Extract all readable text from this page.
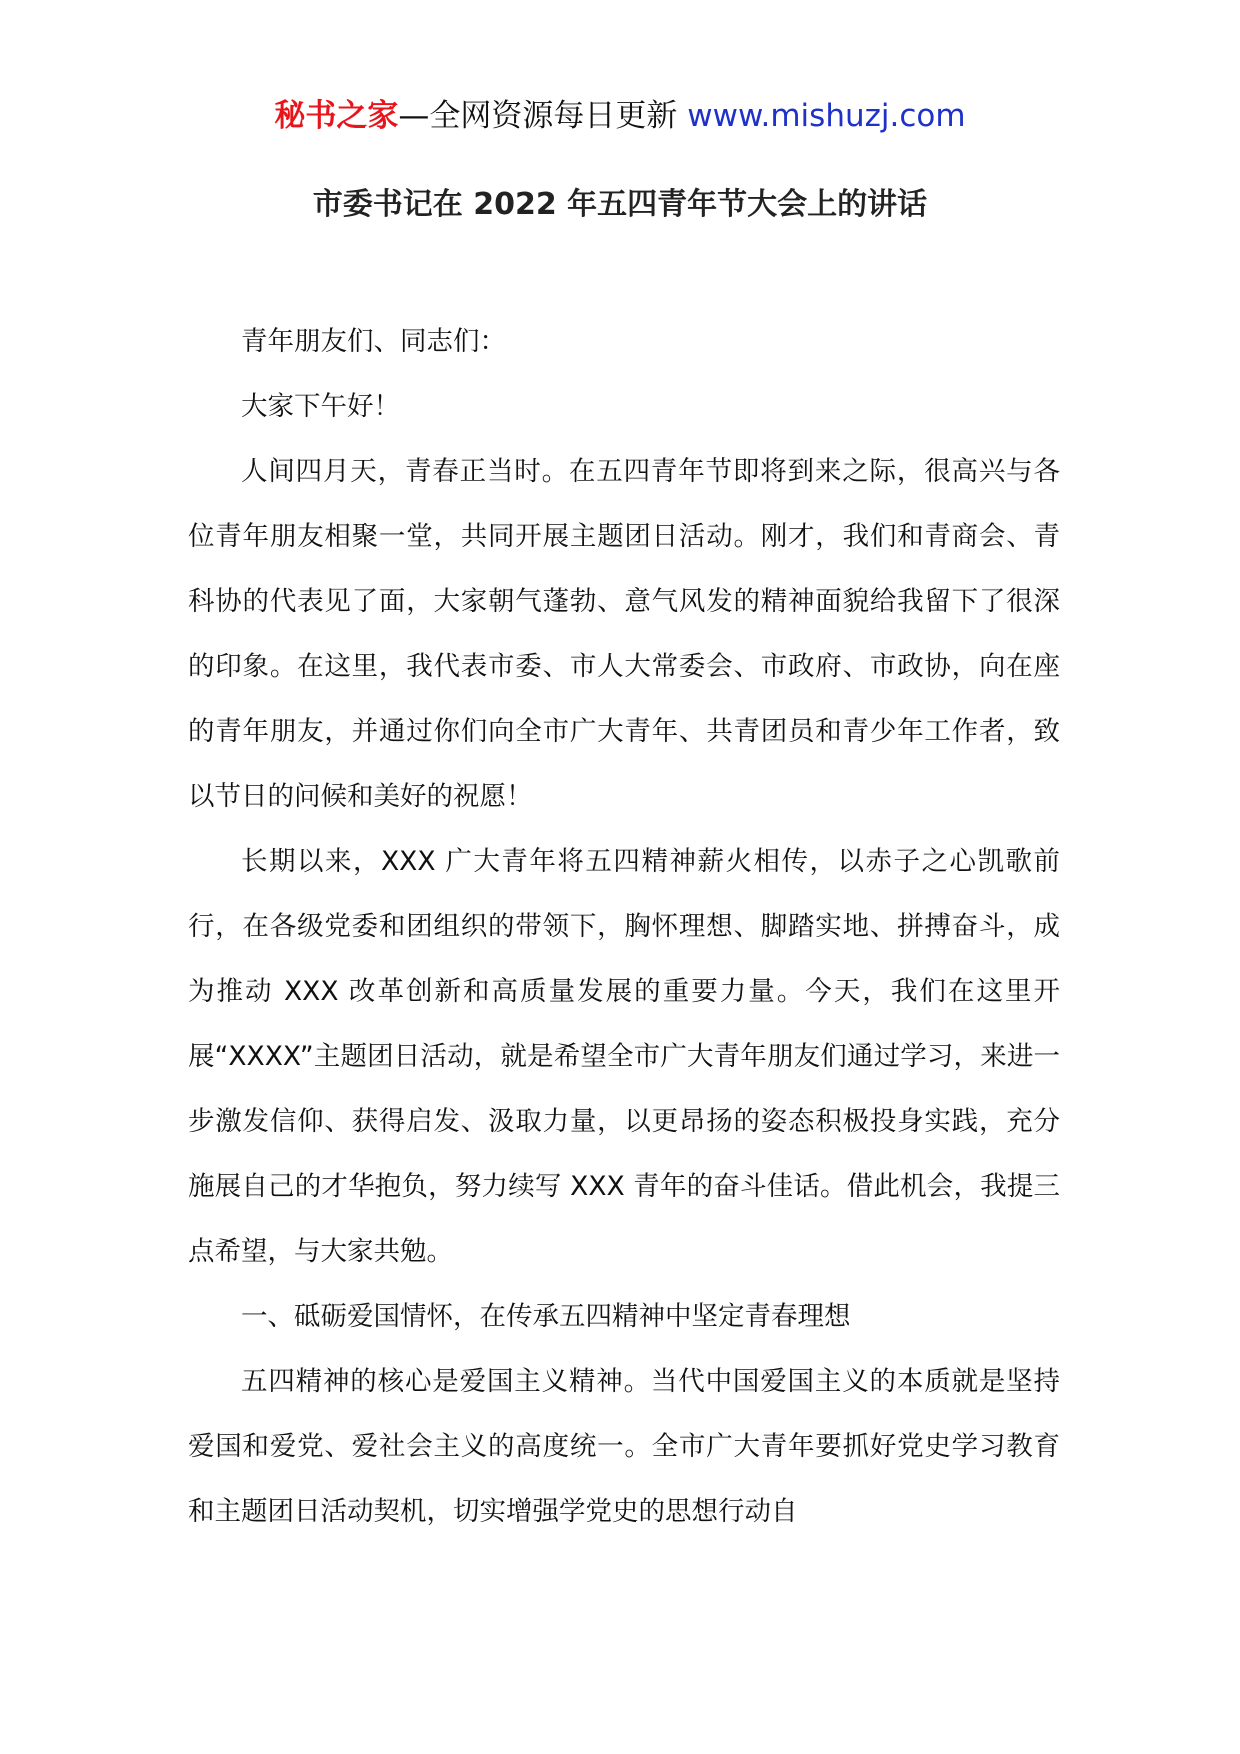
秘书之家—全网资源每日更新 www.mishuzj.com
市委书记在 2022 年五四青年节大会上的讲话

青年朋友们、同志们：

大家下午好！

人间四月天，青春正当时。在五四青年节即将到来之际，很高兴与各位青年朋友相聚一堂，共同开展主题团日活动。刚才，我们和青商会、青科协的代表见了面，大家朝气蓬勃、意气风发的精神面貌给我留下了很深的印象。在这里，我代表市委、市人大常委会、市政府、市政协，向在座的青年朋友，并通过你们向全市广大青年、共青团员和青少年工作者，致以节日的问候和美好的祝愿！

长期以来，XXX 广大青年将五四精神薪火相传，以赤子之心凯歌前行，在各级党委和团组织的带领下，胸怀理想、脚踏实地、拼搏奋斗，成为推动 XXX 改革创新和高质量发展的重要力量。今天，我们在这里开展“XXXX”主题团日活动，就是希望全市广大青年朋友们通过学习，来进一步激发信仰、获得启发、汲取力量，以更昂扬的姿态积极投身实践，充分施展自己的才华抱负，努力续写 XXX 青年的奋斗佳话。借此机会，我提三点希望，与大家共勉。

一、砥砺爱国情怀，在传承五四精神中坚定青春理想

五四精神的核心是爱国主义精神。当代中国爱国主义的本质就是坚持爱国和爱党、爱社会主义的高度统一。全市广大青年要抓好党史学习教育和主题团日活动契机，切实增强学党史的思想行动自
